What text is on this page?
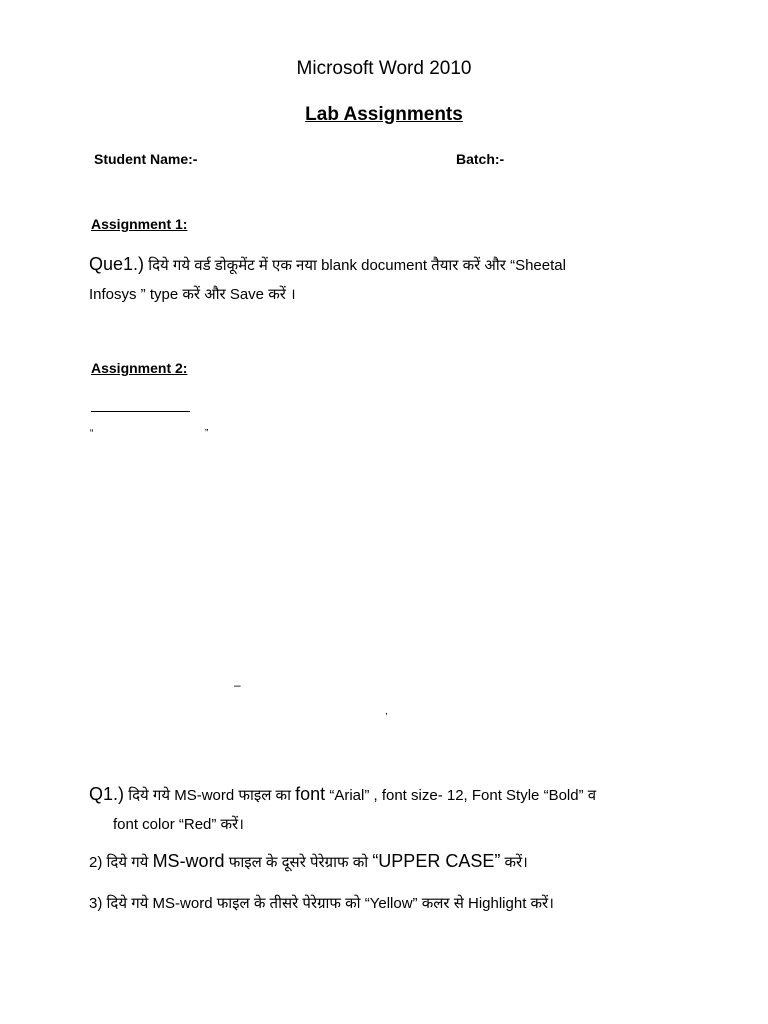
Microsoft Word 2010
Lab Assignments
Student Name:-	Batch:-
Assignment 1:
Que1.) दिये गये वर्ड डोकूमेंट में एक नया blank document तैयार करें और “Sheetal
Infosys ” type करें और Save करें ।
Assignment 2:
“	”
–
,
Q1.) दिये गये MS-word फाइल का font “Arial” , font size- 12, Font Style “Bold” व
font color “Red” करें।
2) दिये गये MS-word फाइल के दूसरे पेरेग्राफ को “UPPER CASE” करें।
3) दिये गये MS-word फाइल के तीसरे पेरेग्राफ को “Yellow” कलर से Highlight करें।
